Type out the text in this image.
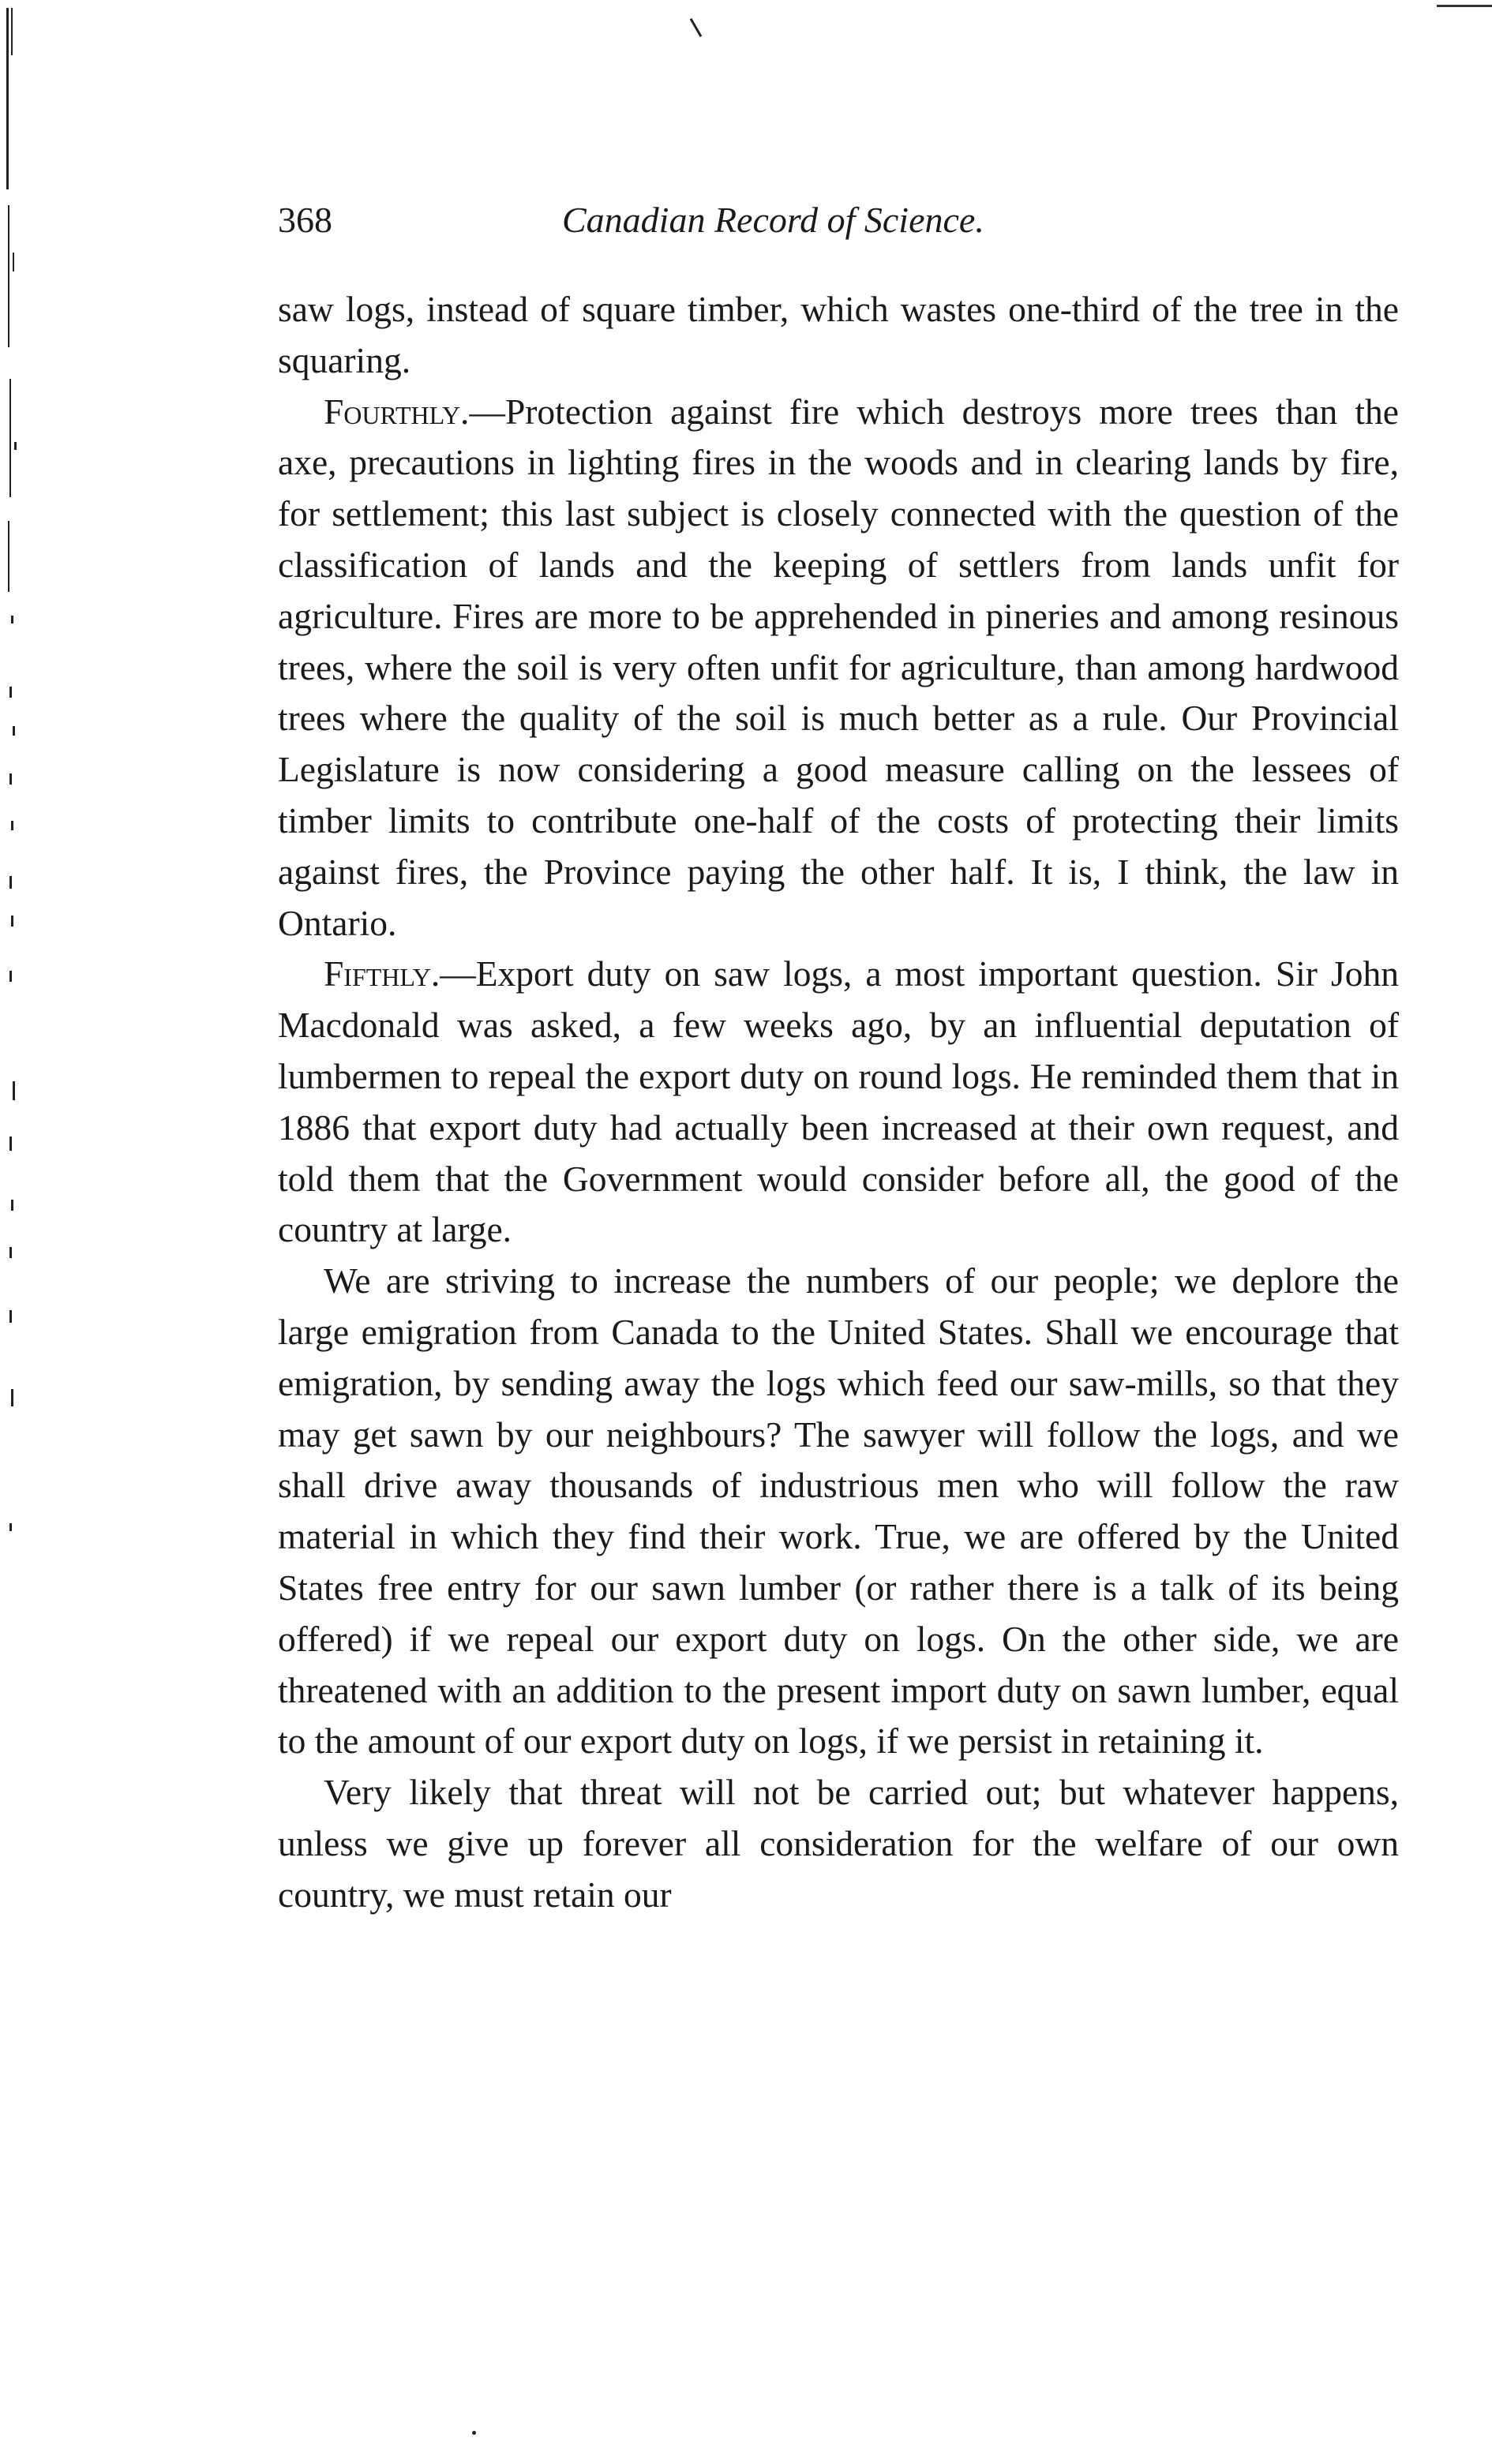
368	Canadian Record of Science.

saw logs, instead of square timber, which wastes one-third of the tree in the squaring.

Fourthly.—Protection against fire which destroys more trees than the axe, precautions in lighting fires in the woods and in clearing lands by fire, for settlement; this last subject is closely connected with the question of the classification of lands and the keeping of settlers from lands unfit for agriculture. Fires are more to be apprehended in pineries and among resinous trees, where the soil is very often unfit for agriculture, than among hardwood trees where the quality of the soil is much better as a rule. Our Provincial Legislature is now considering a good measure calling on the lessees of timber limits to contribute one-half of the costs of protecting their limits against fires, the Province paying the other half. It is, I think, the law in Ontario.

Fifthly.—Export duty on saw logs, a most important question. Sir John Macdonald was asked, a few weeks ago, by an influential deputation of lumbermen to repeal the export duty on round logs. He reminded them that in 1886 that export duty had actually been increased at their own request, and told them that the Government would consider before all, the good of the country at large.

We are striving to increase the numbers of our people; we deplore the large emigration from Canada to the United States. Shall we encourage that emigration, by sending away the logs which feed our saw-mills, so that they may get sawn by our neighbours? The sawyer will follow the logs, and we shall drive away thousands of industrious men who will follow the raw material in which they find their work. True, we are offered by the United States free entry for our sawn lumber (or rather there is a talk of its being offered) if we repeal our export duty on logs. On the other side, we are threatened with an addition to the present import duty on sawn lumber, equal to the amount of our export duty on logs, if we persist in retaining it.

Very likely that threat will not be carried out; but whatever happens, unless we give up forever all consideration for the welfare of our own country, we must retain our
